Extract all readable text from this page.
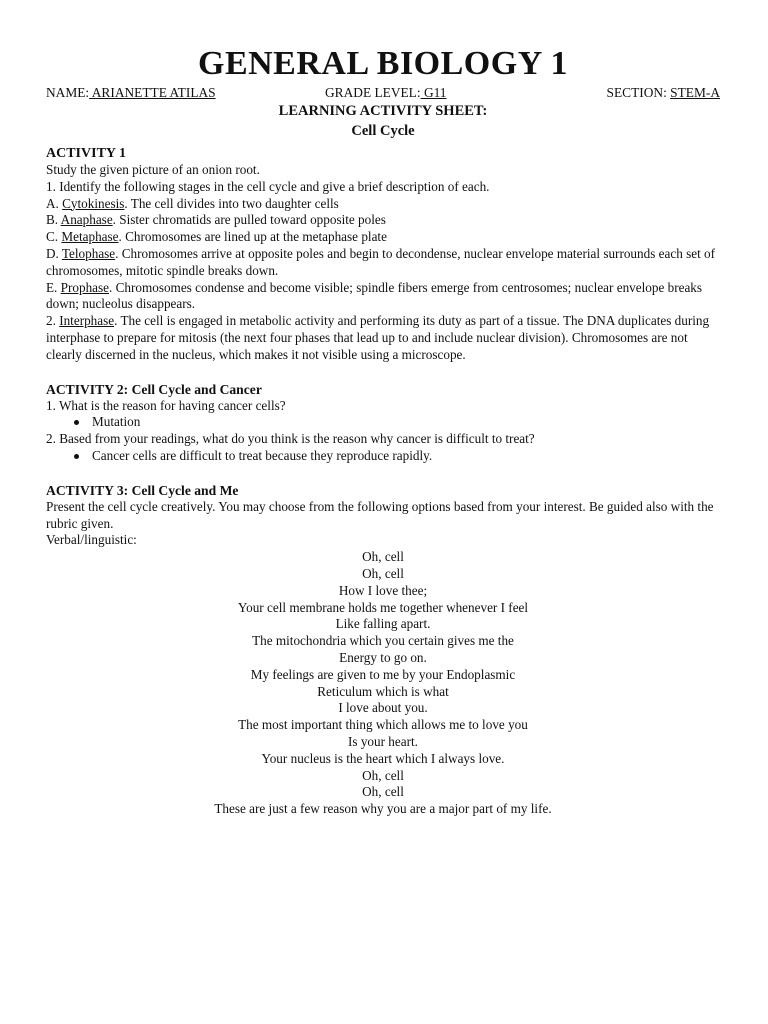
GENERAL BIOLOGY 1
NAME: ARIANETTE ATILAS	GRADE LEVEL: G11	SECTION: STEM-A
LEARNING ACTIVITY SHEET:
Cell Cycle
ACTIVITY 1

Study the given picture of an onion root.

1. Identify the following stages in the cell cycle and give a brief description of each.

A. Cytokinesis. The cell divides into two daughter cells

B. Anaphase. Sister chromatids are pulled toward opposite poles

C. Metaphase. Chromosomes are lined up at the metaphase plate

D. Telophase. Chromosomes arrive at opposite poles and begin to decondense, nuclear envelope material surrounds each set of chromosomes, mitotic spindle breaks down.

E. Prophase. Chromosomes condense and become visible; spindle fibers emerge from centrosomes; nuclear envelope breaks down; nucleolus disappears.

2. Interphase. The cell is engaged in metabolic activity and performing its duty as part of a tissue. The DNA duplicates during interphase to prepare for mitosis (the next four phases that lead up to and include nuclear division). Chromosomes are not clearly discerned in the nucleus, which makes it not visible using a microscope.

ACTIVITY 2: Cell Cycle and Cancer

1. What is the reason for having cancer cells?

Mutation

2. Based from your readings, what do you think is the reason why cancer is difficult to treat?

Cancer cells are difficult to treat because they reproduce rapidly.
ACTIVITY 3: Cell Cycle and Me

Present the cell cycle creatively. You may choose from the following options based from your interest. Be guided also with the rubric given.

Verbal/linguistic:

Oh, cell

Oh, cell

How I love thee;

Your cell membrane holds me together whenever I feel

Like falling apart.

The mitochondria which you certain gives me the

Energy to go on.

My feelings are given to me by your Endoplasmic

Reticulum which is what

I love about you.

The most important thing which allows me to love you

Is your heart.

Your nucleus is the heart which I always love.

Oh, cell

Oh, cell

These are just a few reason why you are a major part of my life.
